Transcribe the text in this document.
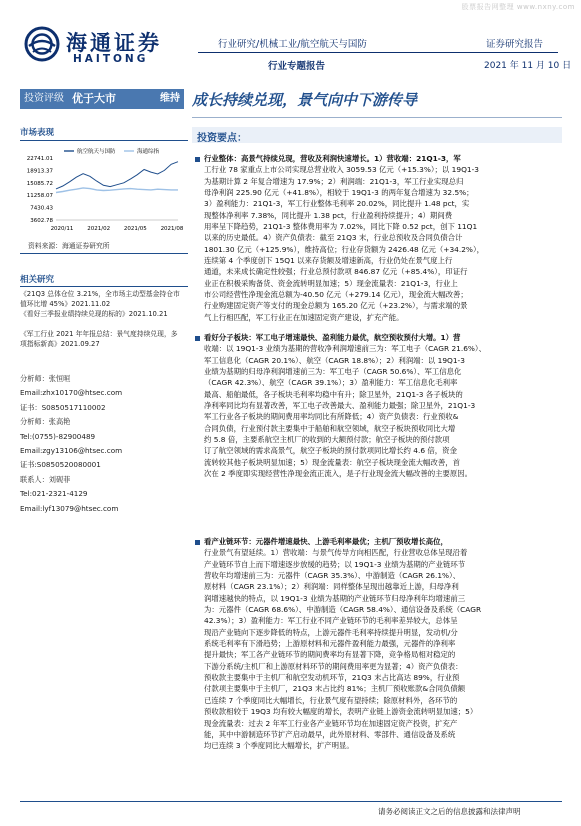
股票报告网整理 www.nxny.com
海通证券
HAITONG
行业研究/机械工业/航空航天与国防
行业专题报告
证券研究报告
2021 年 11 月 10 日
投资评级 优于大市	维持 成长持续兑现，景气向中下游传导
市场表现
22741.01
18913.37
15085.72
11258.07
7430.43
3602.78
2020/11	2021/02	2021/05	2021/08
航空航天与国防	海通综指
资料来源：海通证券研究所
相关研究
《21Q3 总体仓位 3.21%，全市场主动型基金持仓市值环比增 45%》2021.11.02
《看好三季报业绩持续兑现的标的》2021.10.21
《军工行业 2021 年年报总结：景气度持续兑现，多项指标新高》2021.09.27
分析师：张恒晅
Email:zhx10170@htsec.com
证书：S0850517110002
分析师：张高艳
Tel:(0755)-82900489
Email:zgy13106@htsec.com
证书:S0850520080001
联系人：刘砚菲
Tel:021-2321-4129
Email:lyf13079@htsec.com
投资要点：
行业整体：高景气持续兑现，营收及利润快速增长。1）营收端：21Q1-3，军
工行业 78 家重点上市公司实现总营业收入 3059.53 亿元（+15.3%）；以 19Q1-3
为基期计算 2 年复合增速为 17.9%；2）利润端：21Q1-3，军工行业实现总归
母净利润 225.90 亿元（+41.8%），相较于 19Q1-3 的两年复合增速为 32.5%；
3）盈利能力：21Q1-3，军工行业整体毛利率 20.02%，同比提升 1.48 pct，实
现整体净利率 7.38%，同比提升 1.38 pct，行业盈利持续提升；4）期间费
用率呈下降趋势，21Q1-3 整体费用率为 7.02%，同比下降 0.52 pct，创下 11Q1
以来的历史最低。4）资产负债表：截至 21Q3 末，行业总预收及合同负债合计
1801.30 亿元（+125.9%），维持高位；行业存货额为 2426.48 亿元（+34.2%），
连续第 4 个季度创下 15Q1 以来存货额及增速新高，行业仍处在景气度上行
通道，未来成长确定性较强；行业总预付款项 846.87 亿元（+85.4%），印证行
业正在积极采购备货、资金流转明显加速；5）现金流量表：21Q1-3，行业上
市公司经营性净现金流总额为-40.50 亿元（+279.14 亿元），现金流大幅改善；
行业购建固定资产等支付的现金总额为 165.20 亿元（+23.2%），与需求端的景
气上行相匹配，军工行业正在加速固定资产建设，扩充产能。
看好分子板块：军工电子增速最快、盈利能力最优，航空预收预付大增。1）营
收端：以 19Q1-3 业绩为基期的营收净利润增速前三为：军工电子（CAGR 21.6%）、
军工信息化（CAGR 20.1%）、航空（CAGR 18.8%）；2）利润端：以 19Q1-3
业绩为基期的归母净利润增速前三为：军工电子（CAGR 50.6%）、军工信息化
（CAGR 42.3%）、航空（CAGR 39.1%）；3）盈利能力：军工信息化毛利率
最高、船舶最低，各子板块毛利率均稳中有升；除卫星外，21Q1-3 各子板块的
净利率同比均有显著改善，军工电子改善最大、盈利能力最强；除卫星外，21Q1-3
军工行业各子板块的期间费用率均同比有所降低；4）资产负债表：行业预收&
合同负债，行业预付款主要集中于船舶和航空领域，航空子板块预收同比大增
约 5.8 倍，主要系航空主机厂的收到的大额预付款；航空子板块的预付款项
订了航空领域的需求高景气，航空子板块的预付款项同比增长约 4.6 倍，资金
流转较其他子板块明显加速；5）现金流量表：航空子板块现金流大幅改善，首
次在 2 季度即实现经营性净现金流正流入，是子行业现金流大幅改善的主要原因。
看产业链环节：元器件增速最快、上游毛利率最优；主机厂预收增长高位，
行业景气有望延续。1）营收端：与景气传导方向相匹配，行业营收总体呈现沿着
产业链环节自上而下增速逐步放缓的趋势；以 19Q1-3 业绩为基期的产业链环节
营收年均增速前三为：元器件（CAGR 35.3%）、中游制造（CAGR 26.1%）、
原材料（CAGR 23.1%）；2）利润端：同样整体呈现出越靠近上游，归母净利
润增速越快的特点，以 19Q1-3 业绩为基期的产业链环节归母净利年均增速前三
为：元器件（CAGR 68.6%）、中游制造（CAGR 58.4%）、通信设备及系统（CAGR
42.3%）；3）盈利能力：军工行业不同产业链环节的毛利率差异较大，总体呈
现沿产业链向下逐步降低的特点，上游元器件毛利率持续提升明显，发动机/分
系统毛利率有下滑趋势；上游原材料和元器件盈利能力最强，元器件的净利率
提升最快；军工各产业链环节的期间费率均有显著下降，竞争格局相对稳定的
下游分系统/主机厂和上游原材料环节的期间费用率更为显著；4）资产负债表：
预收款主要集中于主机厂和航空发动机环节，21Q3 末占比高达 89%，行业预
付款项主要集中于主机厂，21Q3 末占比约 81%；主机厂预收账款&合同负债额
已连续 7 个季度同比大幅增长，行业景气度有望持续；除原材料外，各环节的
预收款相较于 19Q3 均有较大幅度的增长，表明产业链上游资金流转明显加速；5）
现金流量表：过去 2 年军工行业各产业链环节均在加速固定资产投资，扩充产
能，其中中游制造环节扩产启动最早，此外原材料、零部件、通信设备及系统
均已连续 3 个季度同比大幅增长，扩产明显。
请务必阅读正文之后的信息披露和法律声明
